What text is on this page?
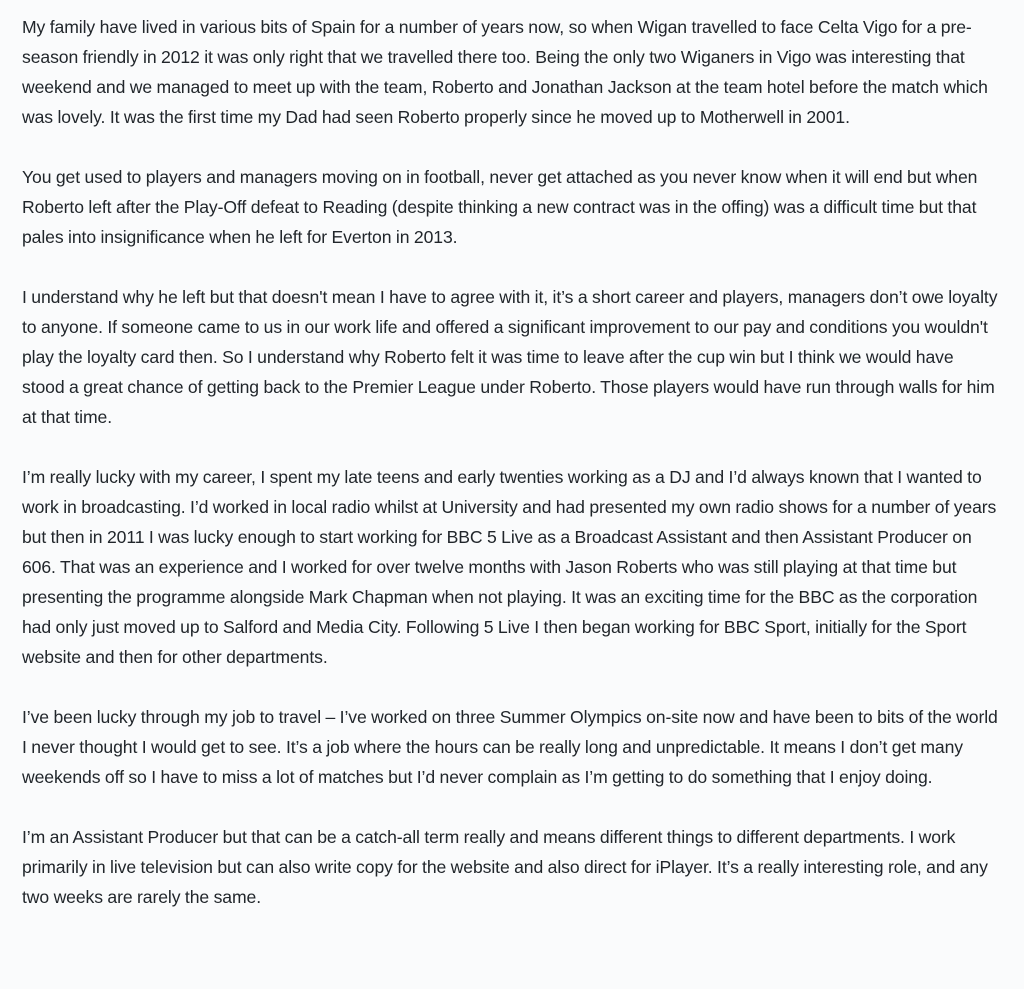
My family have lived in various bits of Spain for a number of years now, so when Wigan travelled to face Celta Vigo for a pre-season friendly in 2012 it was only right that we travelled there too. Being the only two Wiganers in Vigo was interesting that weekend and we managed to meet up with the team, Roberto and Jonathan Jackson at the team hotel before the match which was lovely. It was the first time my Dad had seen Roberto properly since he moved up to Motherwell in 2001.

You get used to players and managers moving on in football, never get attached as you never know when it will end but when Roberto left after the Play-Off defeat to Reading (despite thinking a new contract was in the offing) was a difficult time but that pales into insignificance when he left for Everton in 2013.

I understand why he left but that doesn't mean I have to agree with it, it’s a short career and players, managers don’t owe loyalty to anyone. If someone came to us in our work life and offered a significant improvement to our pay and conditions you wouldn't play the loyalty card then. So I understand why Roberto felt it was time to leave after the cup win but I think we would have stood a great chance of getting back to the Premier League under Roberto. Those players would have run through walls for him at that time.

I’m really lucky with my career, I spent my late teens and early twenties working as a DJ and I’d always known that I wanted to work in broadcasting. I’d worked in local radio whilst at University and had presented my own radio shows for a number of years but then in 2011 I was lucky enough to start working for BBC 5 Live as a Broadcast Assistant and then Assistant Producer on 606. That was an experience and I worked for over twelve months with Jason Roberts who was still playing at that time but presenting the programme alongside Mark Chapman when not playing. It was an exciting time for the BBC as the corporation had only just moved up to Salford and Media City. Following 5 Live I then began working for BBC Sport, initially for the Sport website and then for other departments.

I’ve been lucky through my job to travel – I’ve worked on three Summer Olympics on-site now and have been to bits of the world I never thought I would get to see. It’s a job where the hours can be really long and unpredictable. It means I don’t get many weekends off so I have to miss a lot of matches but I’d never complain as I’m getting to do something that I enjoy doing.

I’m an Assistant Producer but that can be a catch-all term really and means different things to different departments. I work primarily in live television but can also write copy for the website and also direct for iPlayer. It’s a really interesting role, and any two weeks are rarely the same.
